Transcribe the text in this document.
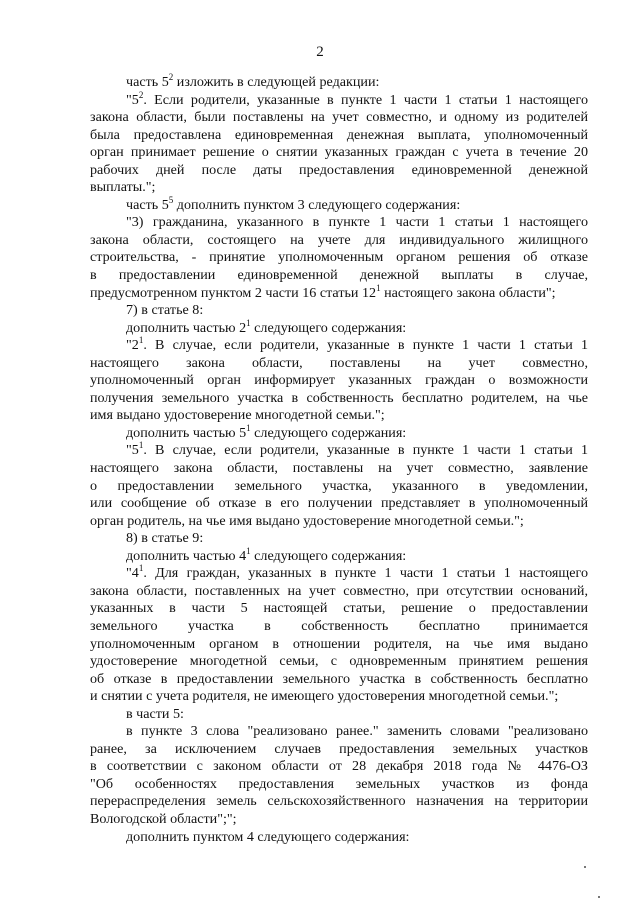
2
часть $5^2$ изложить в следующей редакции:
"$5^2$. Если родители, указанные в пункте 1 части 1 статьи 1 настоящего
закона области, были поставлены на учет совместно, и одному из родителей
была предоставлена единовременная денежная выплата, уполномоченный
орган принимает решение о снятии указанных граждан с учета в течение 20
рабочих дней после даты предоставления единовременной денежной
выплаты.";
часть $5^5$ дополнить пунктом 3 следующего содержания:
"3) гражданина, указанного в пункте 1 части 1 статьи 1 настоящего
закона области, состоящего на учете для индивидуального жилищного
строительства, - принятие уполномоченным органом решения об отказе
в предоставлении единовременной денежной выплаты в случае,
предусмотренном пунктом 2 части 16 статьи $12^1$ настоящего закона области";
7) в статье 8:
дополнить частью $2^1$ следующего содержания:
"$2^1$. В случае, если родители, указанные в пункте 1 части 1 статьи 1
настоящего закона области, поставлены на учет совместно,
уполномоченный орган информирует указанных граждан о возможности
получения земельного участка в собственность бесплатно родителем, на чье
имя выдано удостоверение многодетной семьи.";
дополнить частью $5^1$ следующего содержания:
"$5^1$. В случае, если родители, указанные в пункте 1 части 1 статьи 1
настоящего закона области, поставлены на учет совместно, заявление
о предоставлении земельного участка, указанного в уведомлении,
или сообщение об отказе в его получении представляет в уполномоченный
орган родитель, на чье имя выдано удостоверение многодетной семьи.";
8) в статье 9:
дополнить частью $4^1$ следующего содержания:
"$4^1$. Для граждан, указанных в пункте 1 части 1 статьи 1 настоящего
закона области, поставленных на учет совместно, при отсутствии оснований,
указанных в части 5 настоящей статьи, решение о предоставлении
земельного участка в собственность бесплатно принимается
уполномоченным органом в отношении родителя, на чье имя выдано
удостоверение многодетной семьи, с одновременным принятием решения
об отказе в предоставлении земельного участка в собственность бесплатно
и снятии с учета родителя, не имеющего удостоверения многодетной семьи.";
в части 5:
в пункте 3 слова "реализовано ранее." заменить словами "реализовано
ранее, за исключением случаев предоставления земельных участков
в соответствии с законом области от 28 декабря 2018 года № 4476-ОЗ
"Об особенностях предоставления земельных участков из фонда
перераспределения земель сельскохозяйственного назначения на территории
Вологодской области";";
дополнить пунктом 4 следующего содержания:
